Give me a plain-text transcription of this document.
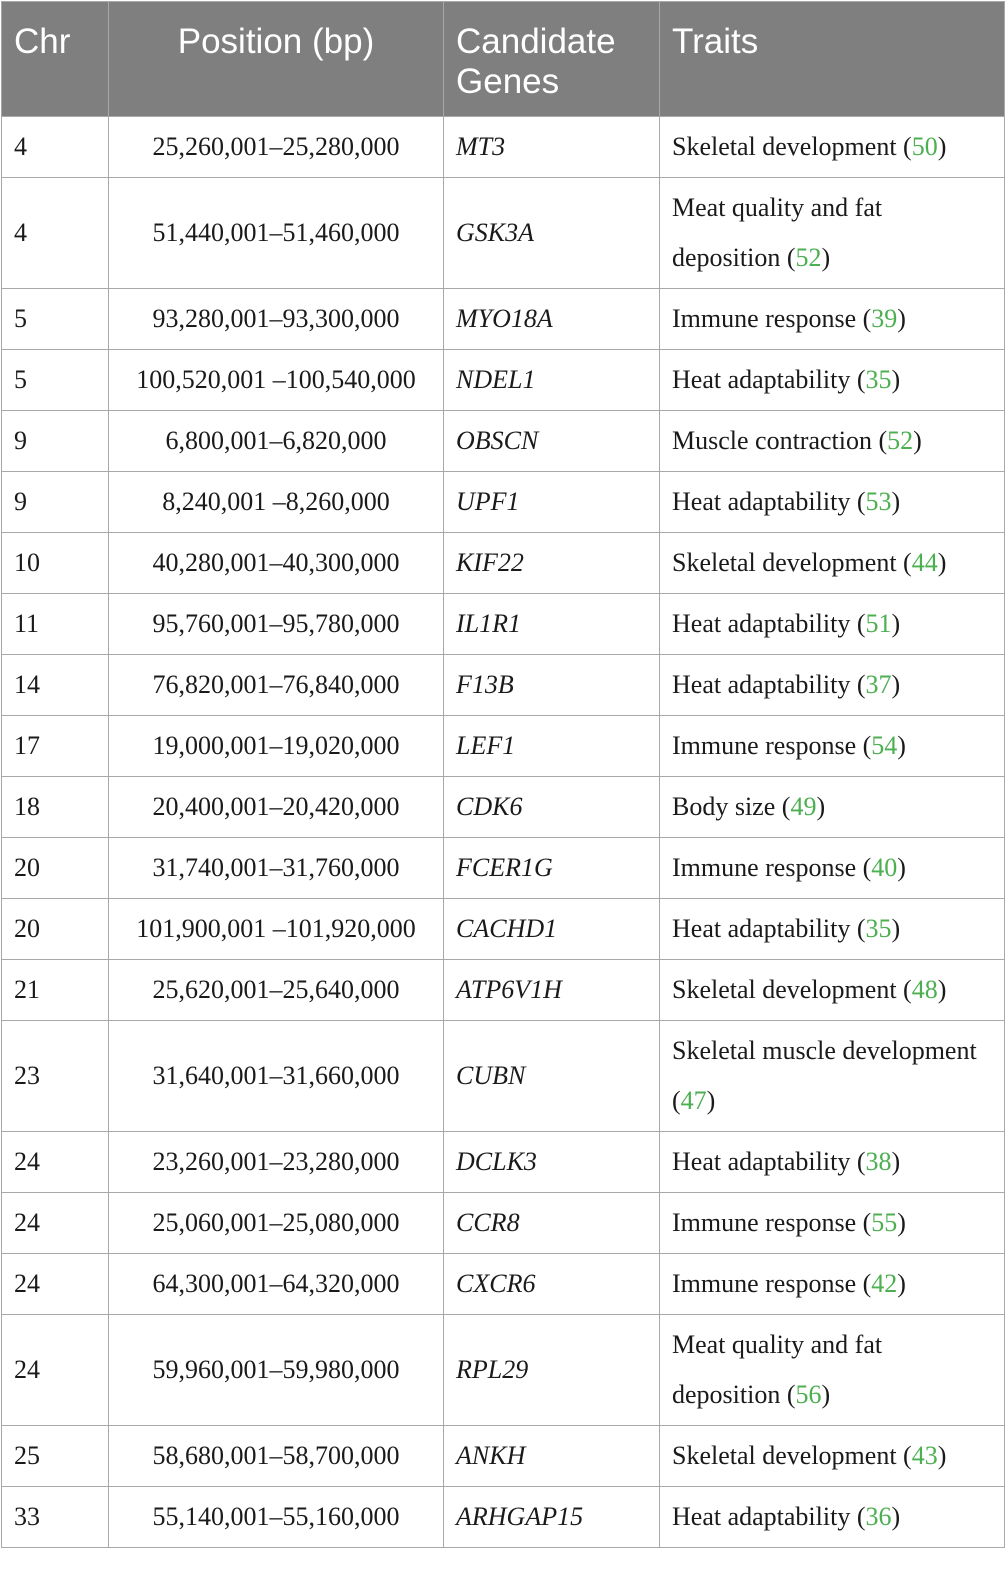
Chr	Position (bp)	Candidate Genes	Traits
4	25,260,001–25,280,000	MT3	Skeletal development (50)
4	51,440,001–51,460,000	GSK3A	Meat quality and fat deposition (52)
5	93,280,001–93,300,000	MYO18A	Immune response (39)
5	100,520,001 –100,540,000	NDEL1	Heat adaptability (35)
9	6,800,001–6,820,000	OBSCN	Muscle contraction (52)
9	8,240,001 –8,260,000	UPF1	Heat adaptability (53)
10	40,280,001–40,300,000	KIF22	Skeletal development (44)
11	95,760,001–95,780,000	IL1R1	Heat adaptability (51)
14	76,820,001–76,840,000	F13B	Heat adaptability (37)
17	19,000,001–19,020,000	LEF1	Immune response (54)
18	20,400,001–20,420,000	CDK6	Body size (49)
20	31,740,001–31,760,000	FCER1G	Immune response (40)
20	101,900,001 –101,920,000	CACHD1	Heat adaptability (35)
21	25,620,001–25,640,000	ATP6V1H	Skeletal development (48)
23	31,640,001–31,660,000	CUBN	Skeletal muscle development (47)
24	23,260,001–23,280,000	DCLK3	Heat adaptability (38)
24	25,060,001–25,080,000	CCR8	Immune response (55)
24	64,300,001–64,320,000	CXCR6	Immune response (42)
24	59,960,001–59,980,000	RPL29	Meat quality and fat deposition (56)
25	58,680,001–58,700,000	ANKH	Skeletal development (43)
33	55,140,001–55,160,000	ARHGAP15	Heat adaptability (36)
